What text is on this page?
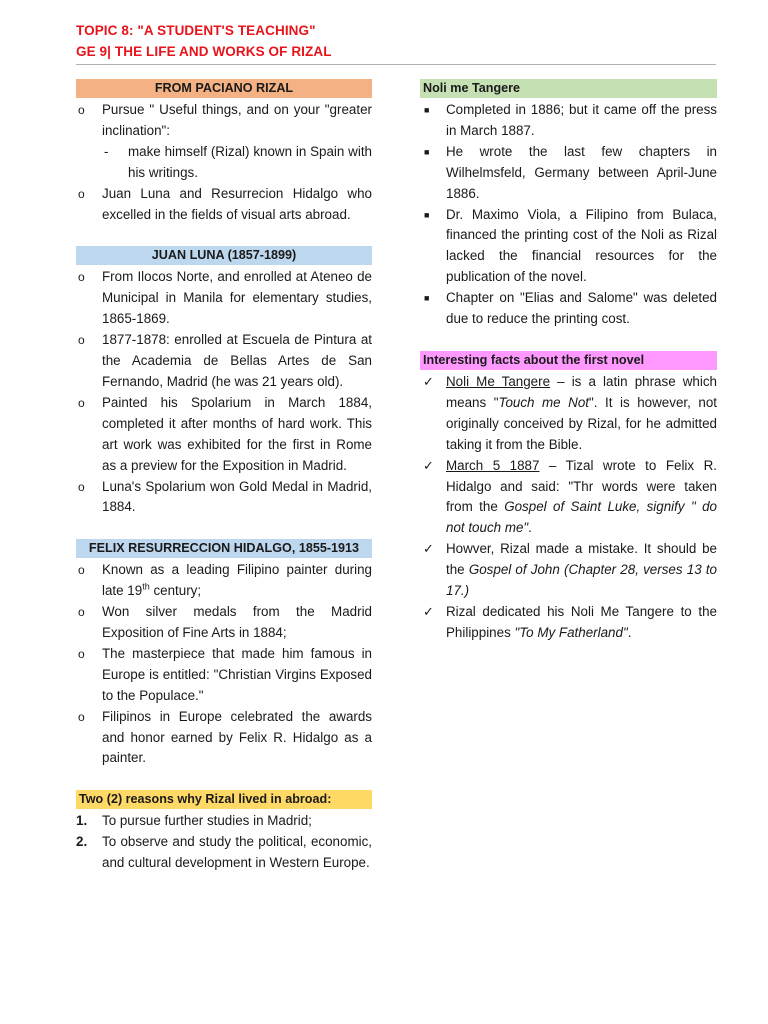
TOPIC 8: "A STUDENT'S TEACHING"
GE 9| THE LIFE AND WORKS OF RIZAL
FROM PACIANO RIZAL
o	Pursue " Useful things, and on your "greater inclination":
- make himself (Rizal) known in Spain with his writings.
o	Juan Luna and Resurrecion Hidalgo who excelled in the fields of visual arts abroad.
JUAN LUNA (1857-1899)
o	From Ilocos Norte, and enrolled at Ateneo de Municipal in Manila for elementary studies, 1865-1869.
o	1877-1878: enrolled at Escuela de Pintura at the Academia de Bellas Artes de San Fernando, Madrid (he was 21 years old).
o	Painted his Spolarium in March 1884, completed it after months of hard work. This art work was exhibited for the first in Rome as a preview for the Exposition in Madrid.
o	Luna's Spolarium won Gold Medal in Madrid, 1884.
FELIX RESURRECCION HIDALGO, 1855-1913
o	Known as a leading Filipino painter during late 19th century;
o	Won silver medals from the Madrid Exposition of Fine Arts in 1884;
o	The masterpiece that made him famous in Europe is entitled: "Christian Virgins Exposed to the Populace."
o	Filipinos in Europe celebrated the awards and honor earned by Felix R. Hidalgo as a painter.
Two (2) reasons why Rizal lived in abroad:
1.	To pursue further studies in Madrid;
2.	To observe and study the political, economic, and cultural development in Western Europe.
Noli me Tangere
■	Completed in 1886; but it came off the press in March 1887.
■	He wrote the last few chapters in Wilhelmsfeld, Germany between April-June 1886.
■	Dr. Maximo Viola, a Filipino from Bulaca, financed the printing cost of the Noli as Rizal lacked the financial resources for the publication of the novel.
■	Chapter on "Elias and Salome" was deleted due to reduce the printing cost.
Interesting facts about the first novel
✓ Noli Me Tangere – is a latin phrase which means "Touch me Not". It is however, not originally conceived by Rizal, for he admitted taking it from the Bible.
✓ March 5 1887 – Tizal wrote to Felix R. Hidalgo and said: "Thr words were taken from the Gospel of Saint Luke, signify " do not touch me".
✓ Howver, Rizal made a mistake. It should be the Gospel of John (Chapter 28, verses 13 to 17.)
✓ Rizal dedicated his Noli Me Tangere to the Philippines "To My Fatherland".
